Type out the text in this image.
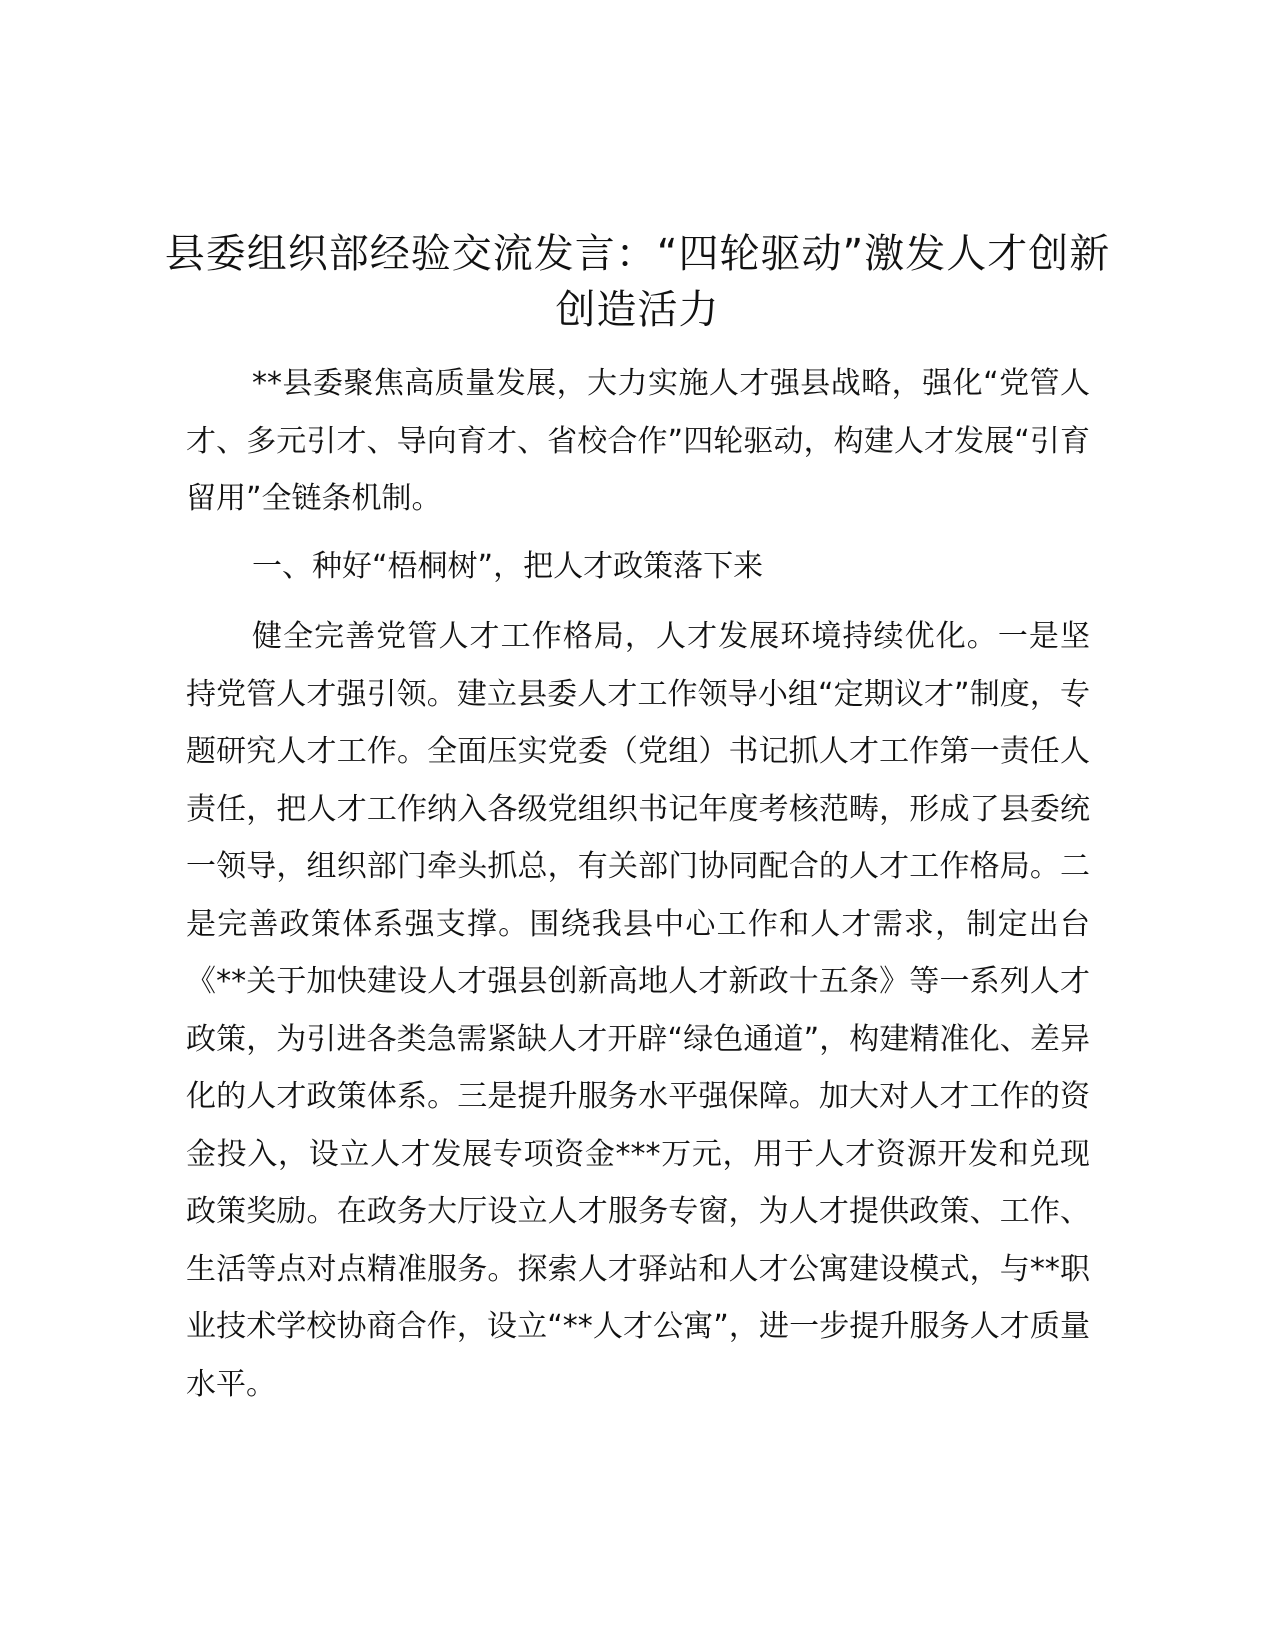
县委组织部经验交流发言：“四轮驱动”激发人才创新创造活力

**县委聚焦高质量发展，大力实施人才强县战略，强化“党管人才、多元引才、导向育才、省校合作”四轮驱动，构建人才发展“引育留用”全链条机制。

一、种好“梧桐树”，把人才政策落下来

健全完善党管人才工作格局，人才发展环境持续优化。一是坚持党管人才强引领。建立县委人才工作领导小组“定期议才”制度，专题研究人才工作。全面压实党委（党组）书记抓人才工作第一责任人责任，把人才工作纳入各级党组织书记年度考核范畴，形成了县委统一领导，组织部门牵头抓总，有关部门协同配合的人才工作格局。二是完善政策体系强支撑。围绕我县中心工作和人才需求，制定出台《**关于加快建设人才强县创新高地人才新政十五条》等一系列人才政策，为引进各类急需紧缺人才开辟“绿色通道”，构建精准化、差异化的人才政策体系。三是提升服务水平强保障。加大对人才工作的资金投入，设立人才发展专项资金***万元，用于人才资源开发和兑现政策奖励。在政务大厅设立人才服务专窗，为人才提供政策、工作、生活等点对点精准服务。探索人才驿站和人才公寓建设模式，与**职业技术学校协商合作，设立“**人才公寓”，进一步提升服务人才质量水平。
